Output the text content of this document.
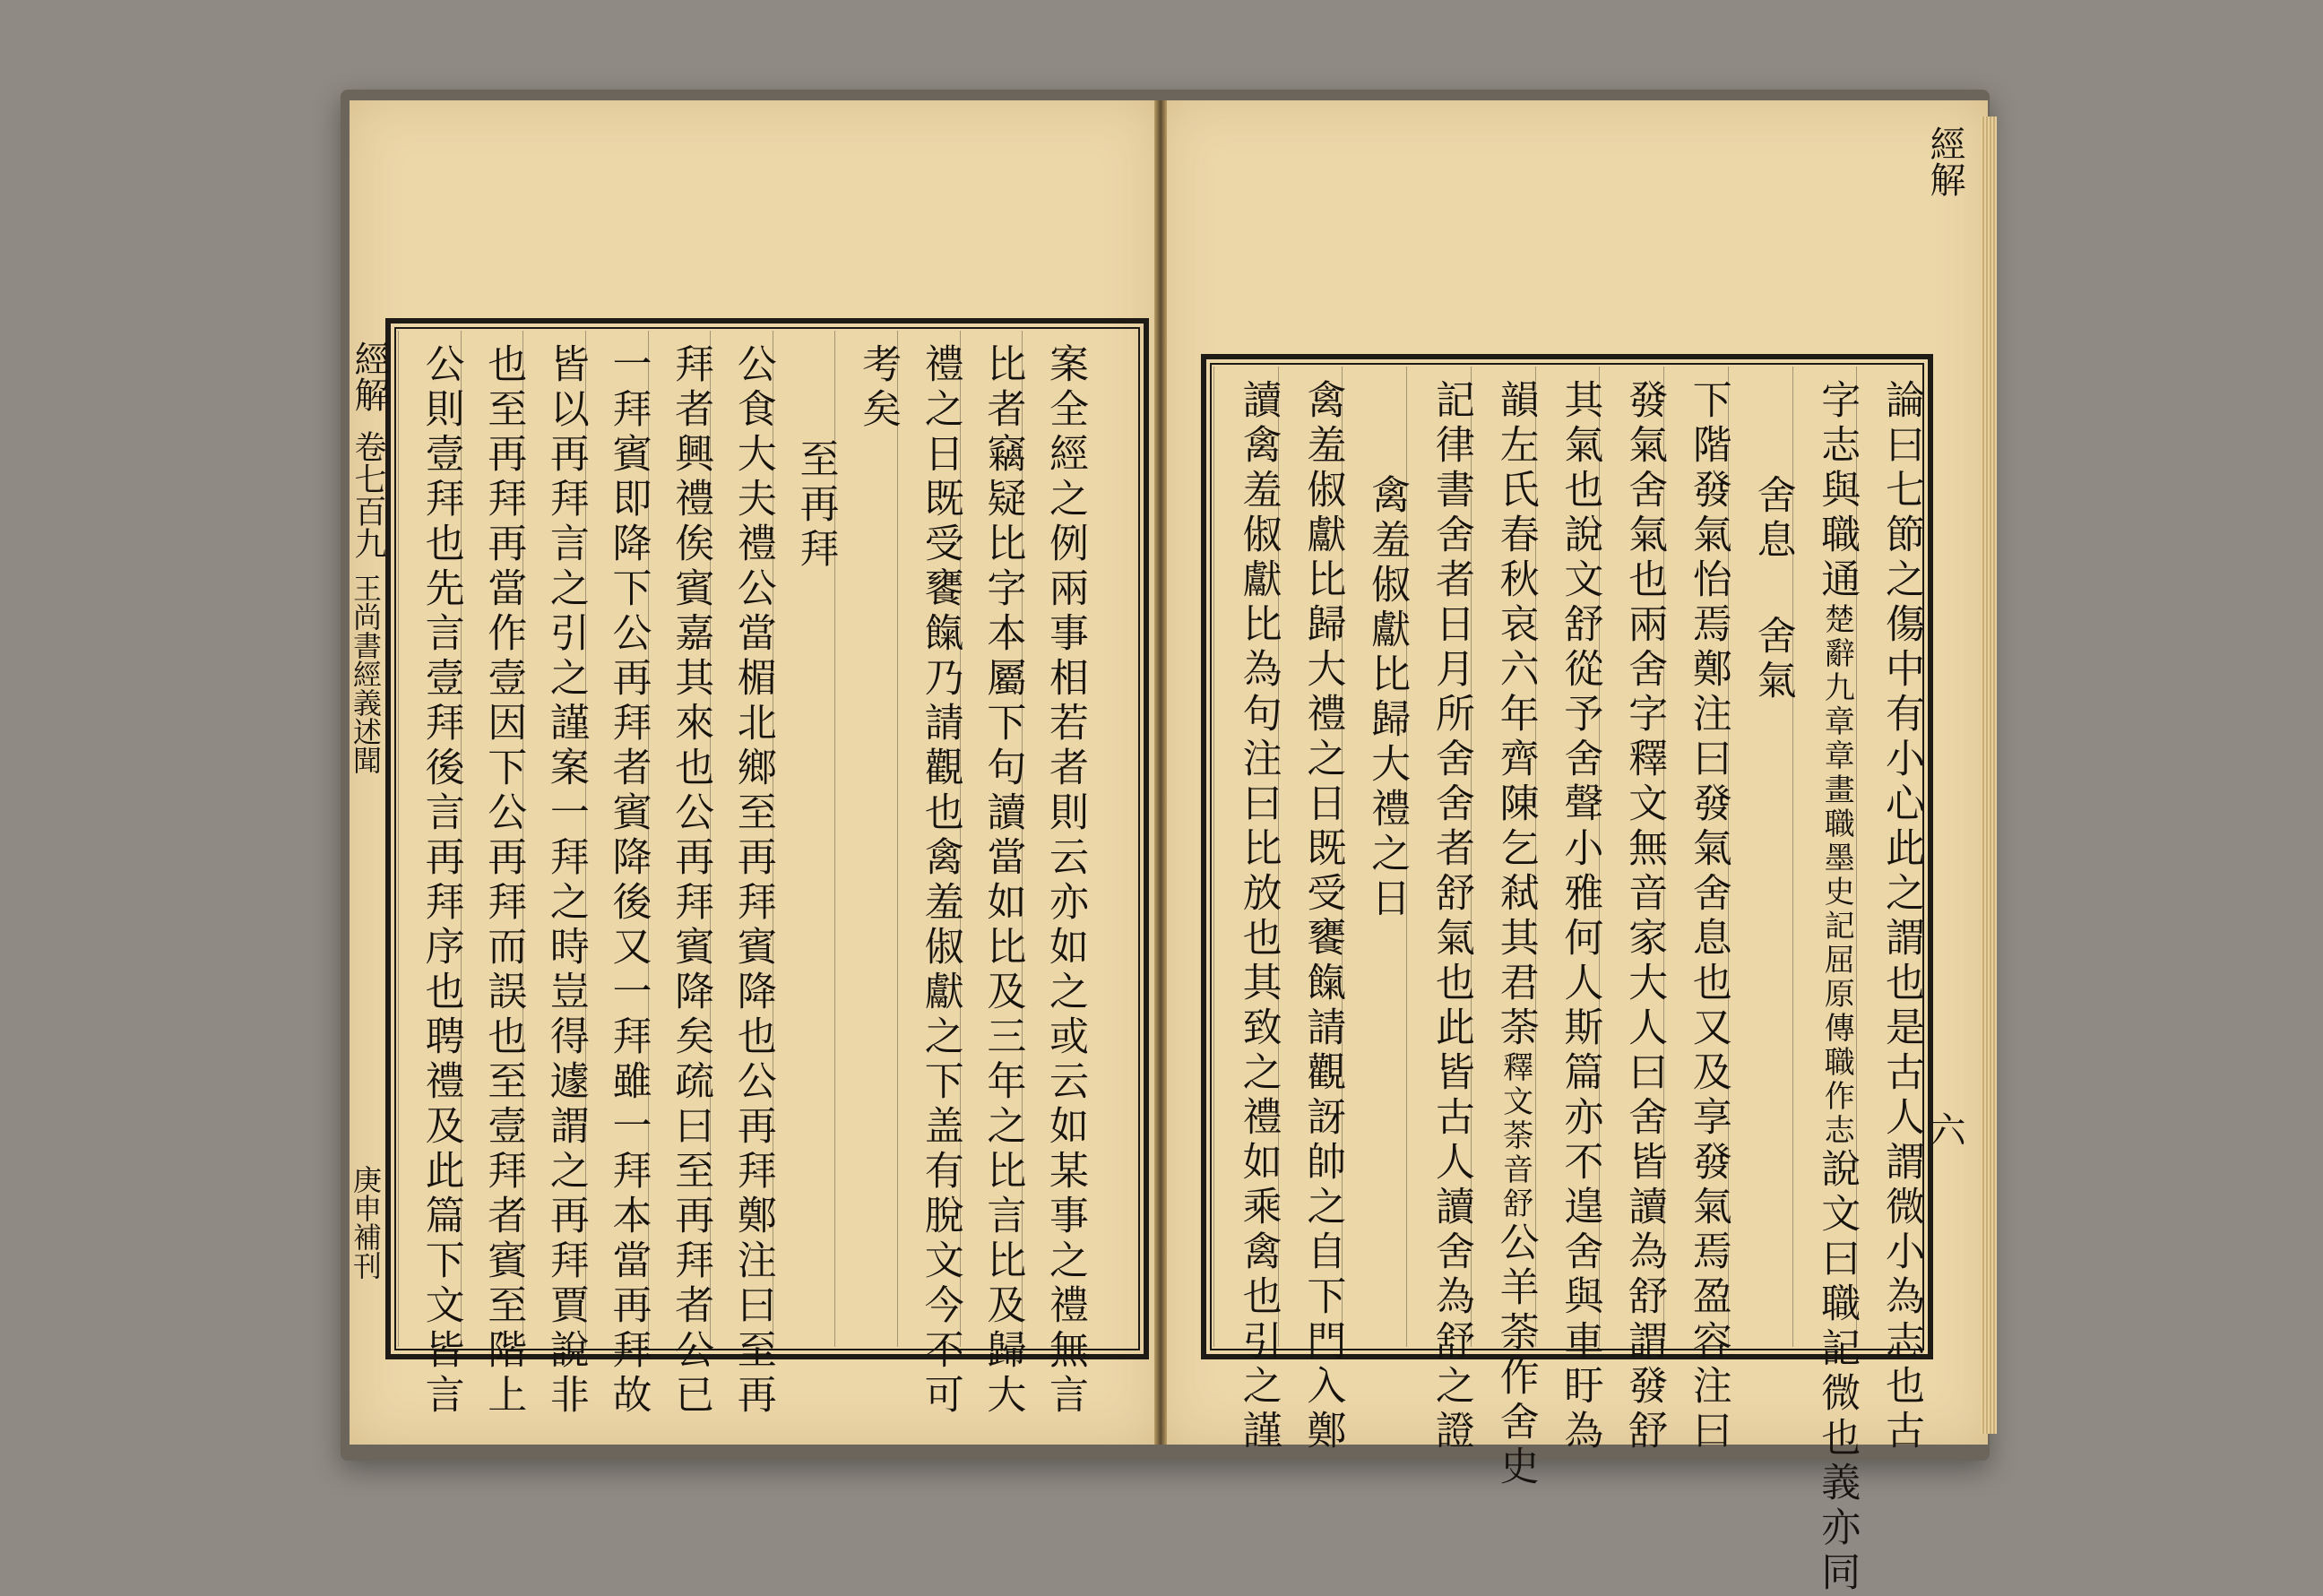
案全經之例兩事相若者則云亦如之或云如某事之禮無言
比者竊疑比字本屬下句讀當如比及三年之比言比及歸大
禮之日既受饔餼乃請觀也禽羞俶獻之下盖有脫文今不可
考矣
至再拜
公食大夫禮公當楣北鄉至再拜賓降也公再拜鄭注曰至再
拜者興禮俟賓嘉其來也公再拜賓降矣疏曰至再拜者公已
一拜賓即降下公再拜者賓降後又一拜雖一拜本當再拜故
皆以再拜言之引之謹案一拜之時豈得遽謂之再拜賈說非
也至再拜再當作壹因下公再拜而誤也至壹拜者賓至階上
公則壹拜也先言壹拜後言再拜序也聘禮及此篇下文皆言
經解
卷七百九
王尚書經義述聞
庚申補刊	論曰七節之傷中有小心此之謂也是古人謂微小為志也古
字志與職通楚辭九章章畫職墨史記屈原傳職作志說文曰職記微也義亦同
舍息 舍氣
下階發氣怡焉鄭注曰發氣舍息也又及享發氣焉盈容注曰
發氣舍氣也兩舍字釋文無音家大人曰舍皆讀為舒謂發舒
其氣也說文舒從予舍聲小雅何人斯篇亦不遑舍與車盱為
韻左氏春秋哀六年齊陳乞弒其君荼釋文荼音舒公羊荼作舍史
記律書舍者日月所舍舍者舒氣也此皆古人讀舍為舒之證
禽羞俶獻比歸大禮之日
禽羞俶獻比歸大禮之日既受饔餼請觀訝帥之自下門入鄭
讀禽羞俶獻比為句注曰比放也其致之禮如乘禽也引之謹
經解
六
